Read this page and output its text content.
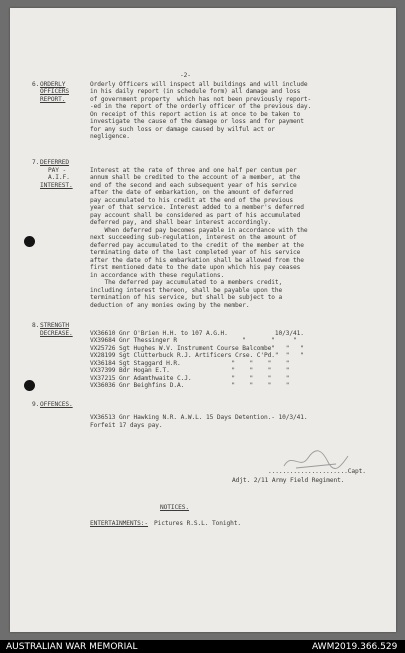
-2-
6. ORDERLY
OFFICERS
REPORT.
Orderly Officers will inspect all buildings and will include
in his daily report (in schedule form) all damage and loss
of government property  which has not been previously report-
-ed in the report of the orderly officer of the previous day.
On receipt of this report action is at once to be taken to
investigate the cause of the damage or loss and for payment
for any such loss or damage caused by wilful act or
negligence.
7. DEFERRED
PAY -
A.I.F.
INTEREST.
Interest at the rate of three and one half per centum per
annum shall be credited to the account of a member, at the
end of the second and each subsequent year of his service
after the date of embarkation, on the amount of deferred
pay accumulated to his credit at the end of the previous
year of that service. Interest added to a member's deferred
pay account shall be considered as part of his accumulated
deferred pay, and shall bear interest accordingly.
When deferred pay becomes payable in accordance with the
next succeeding sub-regulation, interest on the amount of
deferred pay accumulated to the credit of the member at the
terminating date of the last completed year of his service
after the date of his embarkation shall be allowed from the
first mentioned date to the date upon which his pay ceases
in accordance with these regulations.
The deferred pay accumulated to a members credit,
including interest thereon, shall be payable upon the
termination of his service, but shall be subject to a
deduction of any monies owing by the member.
8. STRENGTH
DECREASE.	VX36610 Gnr O'Brien H.H. to 107 A.G.H.             10/3/41.
VX39684 Gnr Thessinger R                  "       "     "
VX25726 Sgt Hughes W.V. Instrument Course Balcombe"   "   "
VX28199 Sgt Clutterbuck R.J. Artificers Crse. C'Pd."  "   "
VX36184 Sgt Staggard H.R.              "    "    "    "
VX37399 Bdr Hogan E.T.                 "    "    "    "
VX37215 Gnr Adamthwaite C.J.           "    "    "    "
VX36036 Gnr Beighfins D.A.             "    "    "    "
9. OFFENCES.
VX36513 Gnr Hawking N.R. A.W.L. 15 Days Detention.- 10/3/41.
Forfeit 17 days pay.
......................Capt.
Adjt. 2/11 Army Field Regiment.
NOTICES.
ENTERTAINMENTS:- Pictures R.S.L. Tonight.
AUSTRALIAN WAR MEMORIAL	AWM2019.366.529
